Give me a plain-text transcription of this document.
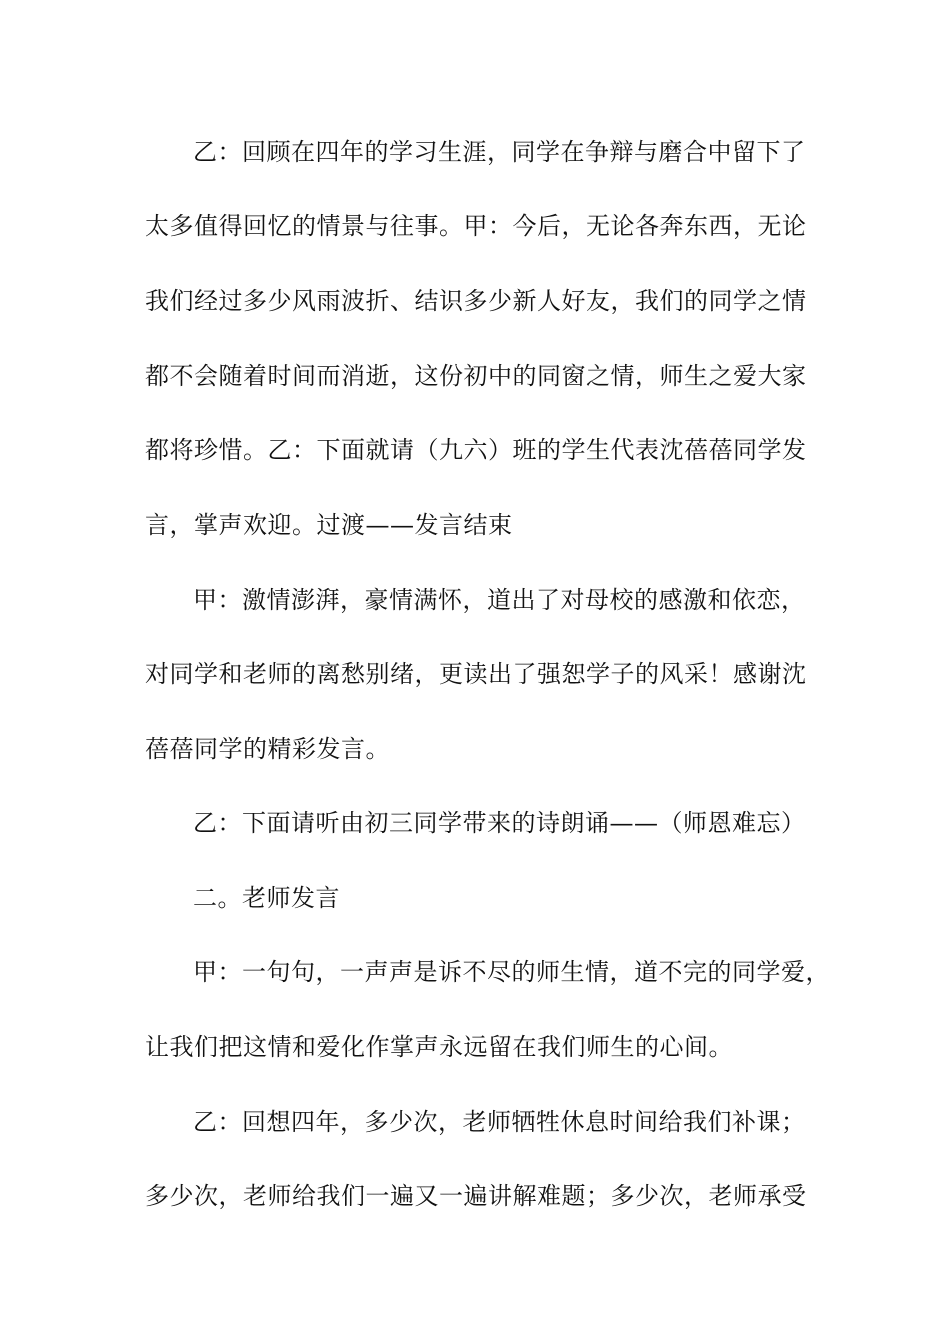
乙：回顾在四年的学习生涯，同学在争辩与磨合中留下了
太多值得回忆的情景与往事。甲：今后，无论各奔东西，无论
我们经过多少风雨波折、结识多少新人好友，我们的同学之情
都不会随着时间而消逝，这份初中的同窗之情，师生之爱大家
都将珍惜。乙：下面就请（九六）班的学生代表沈蓓蓓同学发
言，掌声欢迎。过渡——发言结束
甲：激情澎湃，豪情满怀，道出了对母校的感激和依恋，
对同学和老师的离愁别绪，更读出了强恕学子的风采！感谢沈
蓓蓓同学的精彩发言。
乙：下面请听由初三同学带来的诗朗诵——（师恩难忘）
二。老师发言
甲：一句句，一声声是诉不尽的师生情，道不完的同学爱，
让我们把这情和爱化作掌声永远留在我们师生的心间。
乙：回想四年，多少次，老师牺牲休息时间给我们补课；
多少次，老师给我们一遍又一遍讲解难题；多少次，老师承受
